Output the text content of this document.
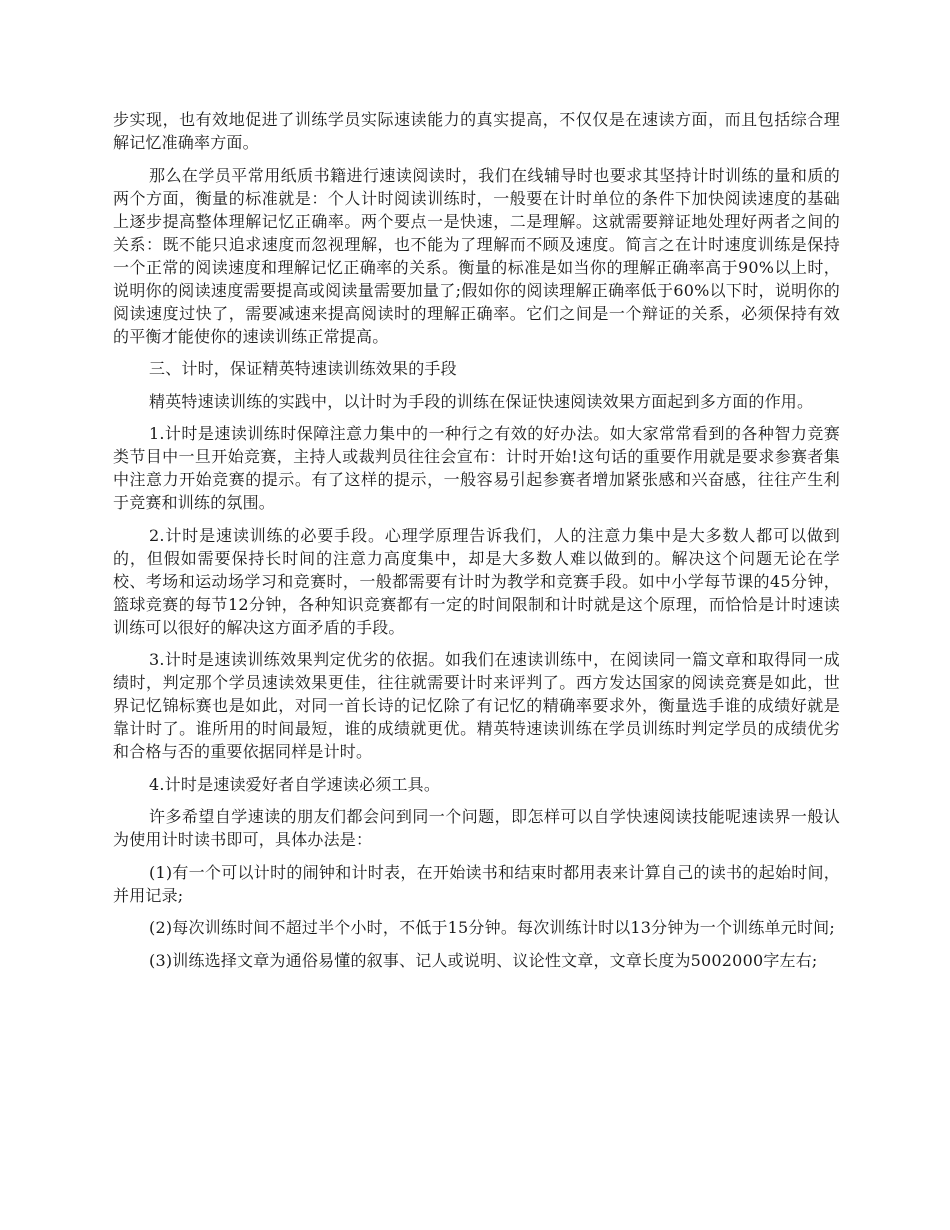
步实现，也有效地促进了训练学员实际速读能力的真实提高，不仅仅是在速读方面，而且包括综合理解记忆准确率方面。

那么在学员平常用纸质书籍进行速读阅读时，我们在线辅导时也要求其坚持计时训练的量和质的两个方面，衡量的标准就是：个人计时阅读训练时，一般要在计时单位的条件下加快阅读速度的基础上逐步提高整体理解记忆正确率。两个要点一是快速，二是理解。这就需要辩证地处理好两者之间的关系：既不能只追求速度而忽视理解，也不能为了理解而不顾及速度。简言之在计时速度训练是保持一个正常的阅读速度和理解记忆正确率的关系。衡量的标准是如当你的理解正确率高于90%以上时，说明你的阅读速度需要提高或阅读量需要加量了;假如你的阅读理解正确率低于60%以下时，说明你的阅读速度过快了，需要减速来提高阅读时的理解正确率。它们之间是一个辩证的关系，必须保持有效的平衡才能使你的速读训练正常提高。

三、计时，保证精英特速读训练效果的手段

精英特速读训练的实践中，以计时为手段的训练在保证快速阅读效果方面起到多方面的作用。

1.计时是速读训练时保障注意力集中的一种行之有效的好办法。如大家常常看到的各种智力竞赛类节目中一旦开始竞赛，主持人或裁判员往往会宣布：计时开始!这句话的重要作用就是要求参赛者集中注意力开始竞赛的提示。有了这样的提示，一般容易引起参赛者增加紧张感和兴奋感，往往产生利于竞赛和训练的氛围。

2.计时是速读训练的必要手段。心理学原理告诉我们，人的注意力集中是大多数人都可以做到的，但假如需要保持长时间的注意力高度集中，却是大多数人难以做到的。解决这个问题无论在学校、考场和运动场学习和竞赛时，一般都需要有计时为教学和竞赛手段。如中小学每节课的45分钟，篮球竞赛的每节12分钟，各种知识竞赛都有一定的时间限制和计时就是这个原理，而恰恰是计时速读训练可以很好的解决这方面矛盾的手段。

3.计时是速读训练效果判定优劣的依据。如我们在速读训练中，在阅读同一篇文章和取得同一成绩时，判定那个学员速读效果更佳，往往就需要计时来评判了。西方发达国家的阅读竞赛是如此，世界记忆锦标赛也是如此，对同一首长诗的记忆除了有记忆的精确率要求外，衡量选手谁的成绩好就是靠计时了。谁所用的时间最短，谁的成绩就更优。精英特速读训练在学员训练时判定学员的成绩优劣和合格与否的重要依据同样是计时。

4.计时是速读爱好者自学速读必须工具。

许多希望自学速读的朋友们都会问到同一个问题，即怎样可以自学快速阅读技能呢速读界一般认为使用计时读书即可，具体办法是：

(1)有一个可以计时的闹钟和计时表，在开始读书和结束时都用表来计算自己的读书的起始时间，并用记录;

(2)每次训练时间不超过半个小时，不低于15分钟。每次训练计时以13分钟为一个训练单元时间;

(3)训练选择文章为通俗易懂的叙事、记人或说明、议论性文章，文章长度为5002000字左右;
